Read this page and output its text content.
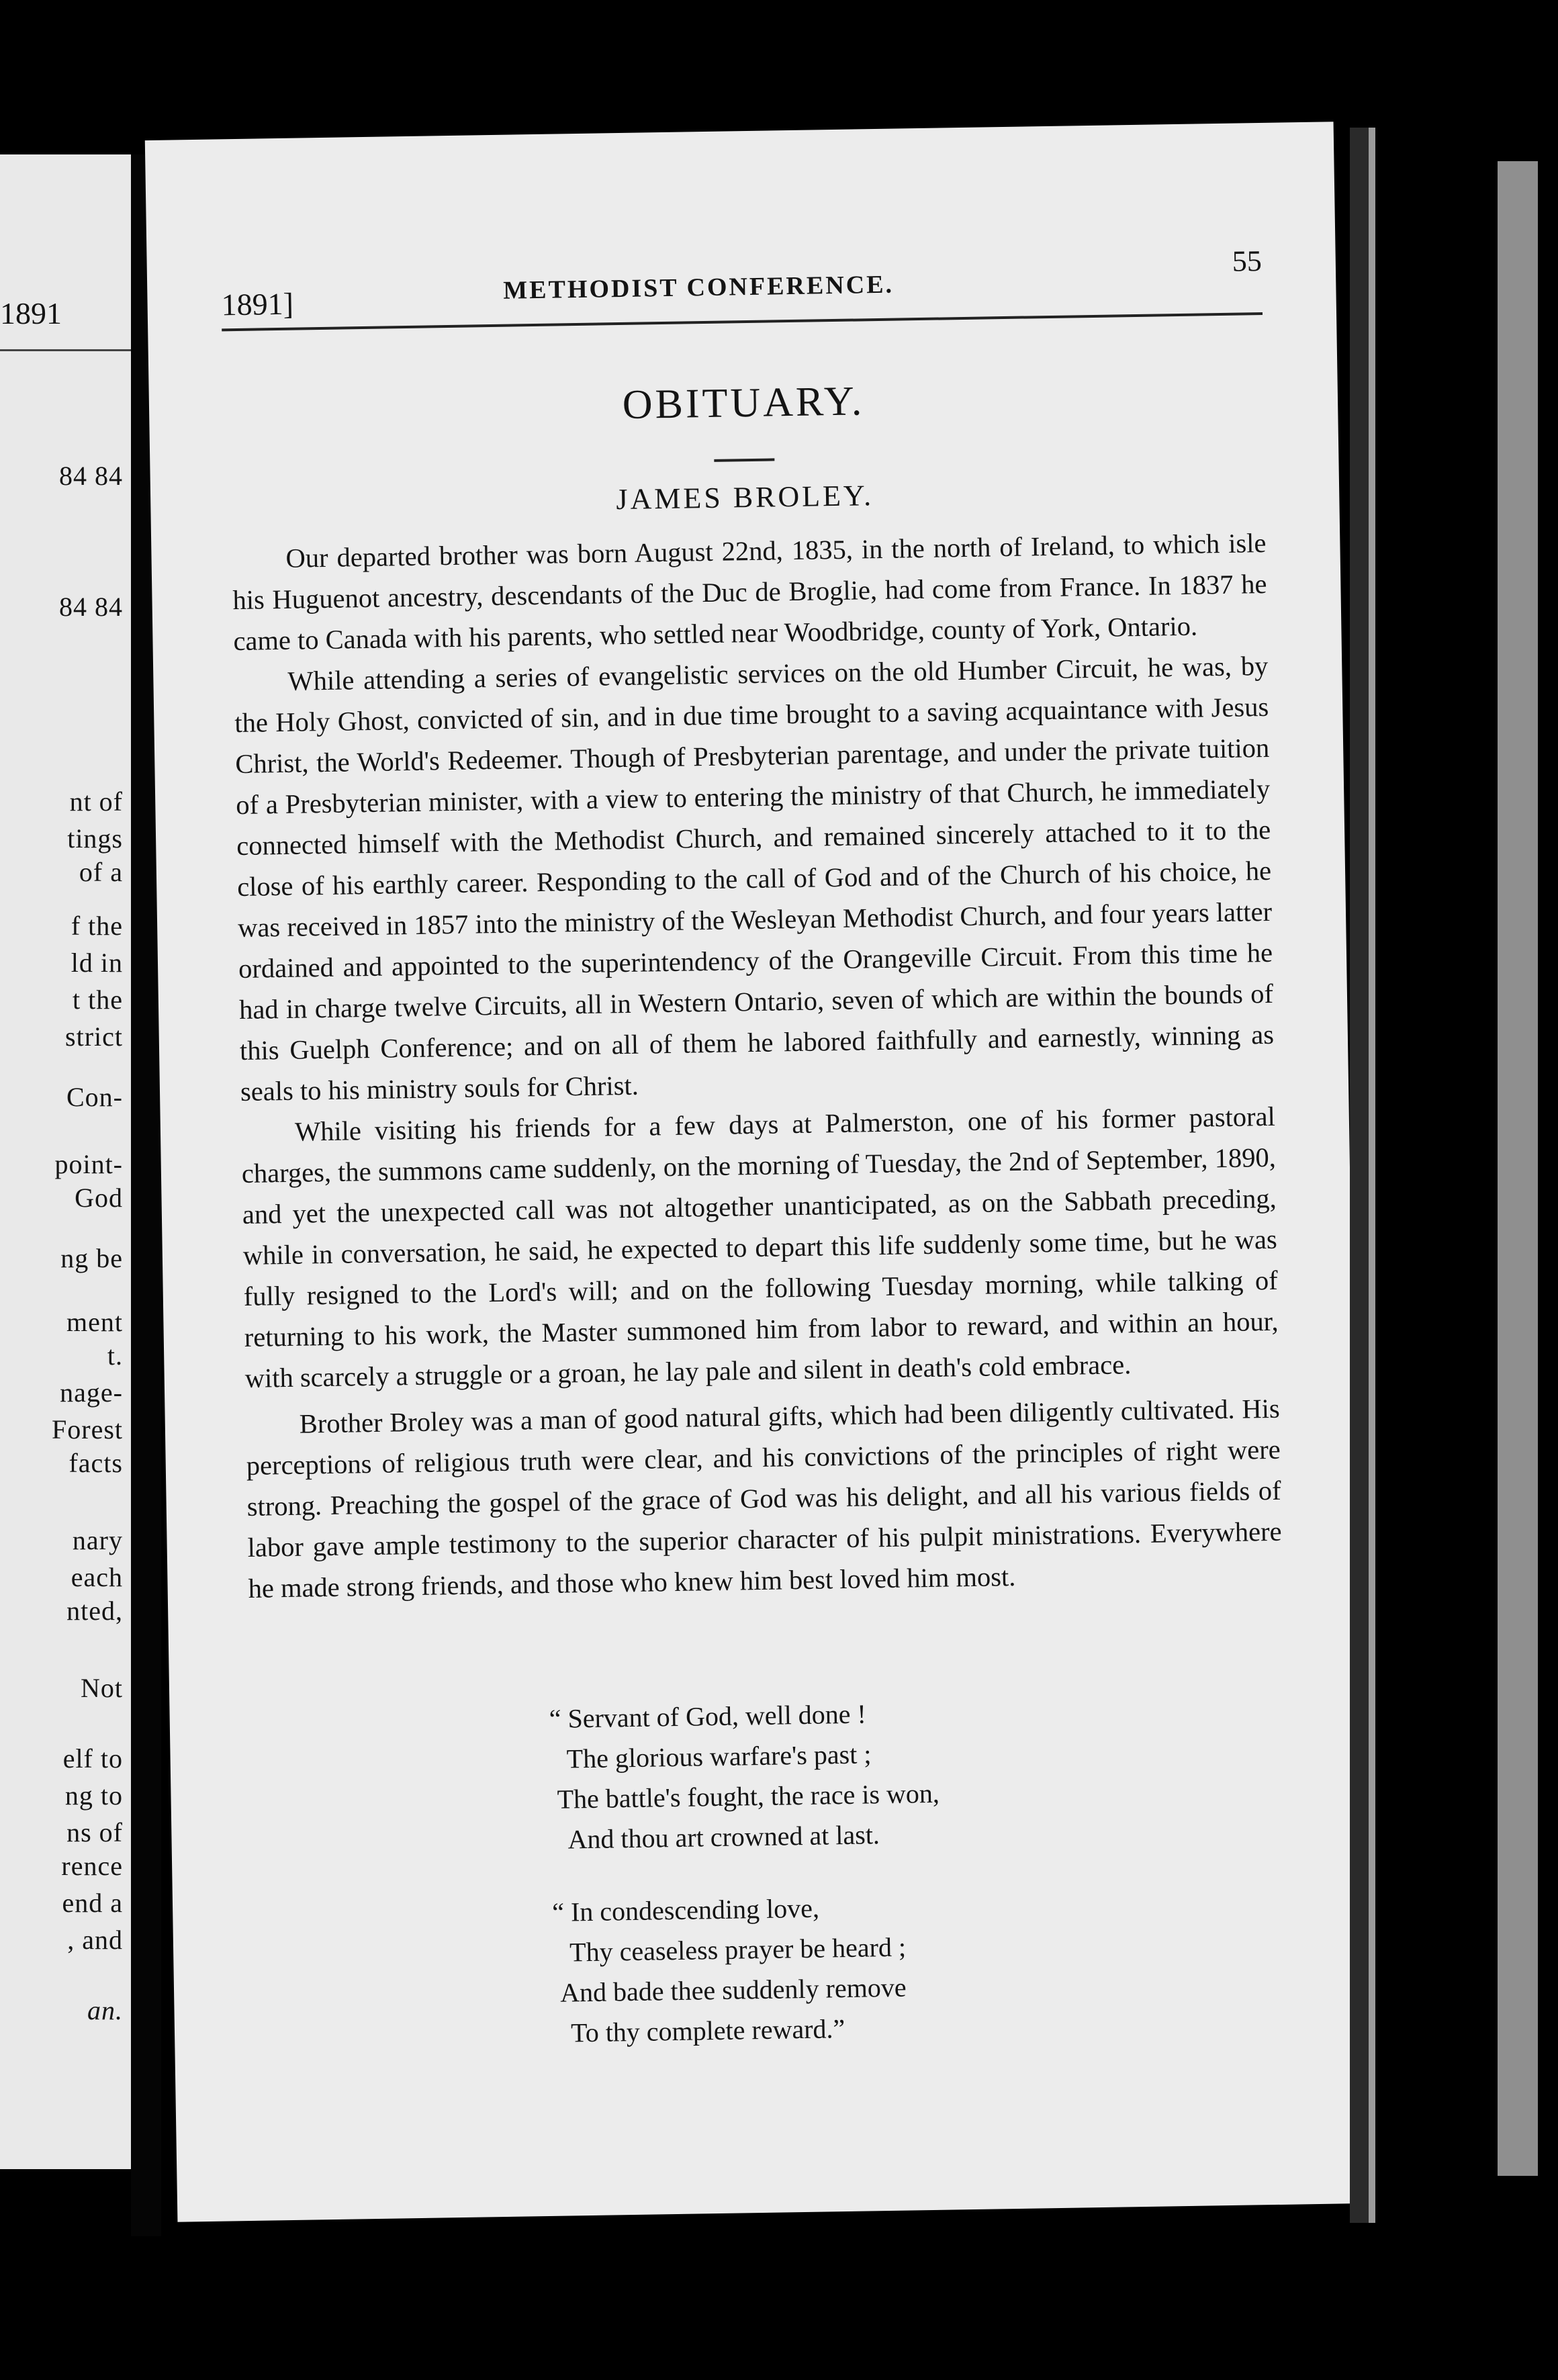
1891
84 84
84 84
nt of
tings
of a
f the
ld in
t the
strict
Con-
point-
God
ng be
ment
t.
nage-
Forest
facts
nary
each
nted,
Not
elf to
ng to
ns of
rence
end a
, and
an.
1891]	METHODIST CONFERENCE.
55
OBITUARY.
JAMES BROLEY.

Our departed brother was born August 22nd, 1835, in the north of Ireland, to which isle his Huguenot ancestry, descendants of the Duc de Broglie, had come from France. In 1837 he came to Canada with his parents, who settled near Woodbridge, county of York, Ontario.

While attending a series of evangelistic services on the old Humber Circuit, he was, by the Holy Ghost, convicted of sin, and in due time brought to a saving acquaintance with Jesus Christ, the World's Redeemer. Though of Presbyterian parentage, and under the private tuition of a Presbyterian minister, with a view to entering the ministry of that Church, he immediately connected himself with the Methodist Church, and remained sincerely attached to it to the close of his earthly career. Responding to the call of God and of the Church of his choice, he was received in 1857 into the ministry of the Wesleyan Methodist Church, and four years latter ordained and appointed to the superintendency of the Orangeville Circuit. From this time he had in charge twelve Circuits, all in Western Ontario, seven of which are within the bounds of this Guelph Conference; and on all of them he labored faithfully and earnestly, winning as seals to his ministry souls for Christ.

While visiting his friends for a few days at Palmerston, one of his former pastoral charges, the summons came suddenly, on the morning of Tuesday, the 2nd of September, 1890, and yet the unexpected call was not altogether unanticipated, as on the Sabbath preceding, while in conversation, he said, he expected to depart this life suddenly some time, but he was fully resigned to the Lord's will; and on the following Tuesday morning, while talking of returning to his work, the Master summoned him from labor to reward, and within an hour, with scarcely a struggle or a groan, he lay pale and silent in death's cold embrace.

Brother Broley was a man of good natural gifts, which had been diligently cultivated. His perceptions of religious truth were clear, and his convictions of the principles of right were strong. Preaching the gospel of the grace of God was his delight, and all his various fields of labor gave ample testimony to the superior character of his pulpit ministrations. Everywhere he made strong friends, and those who knew him best loved him most.

“ Servant of God, well done !
The glorious warfare's past ;
The battle's fought, the race is won,
And thou art crowned at last.
“ In condescending love,
Thy ceaseless prayer be heard ;
And bade thee suddenly remove
To thy complete reward.”
